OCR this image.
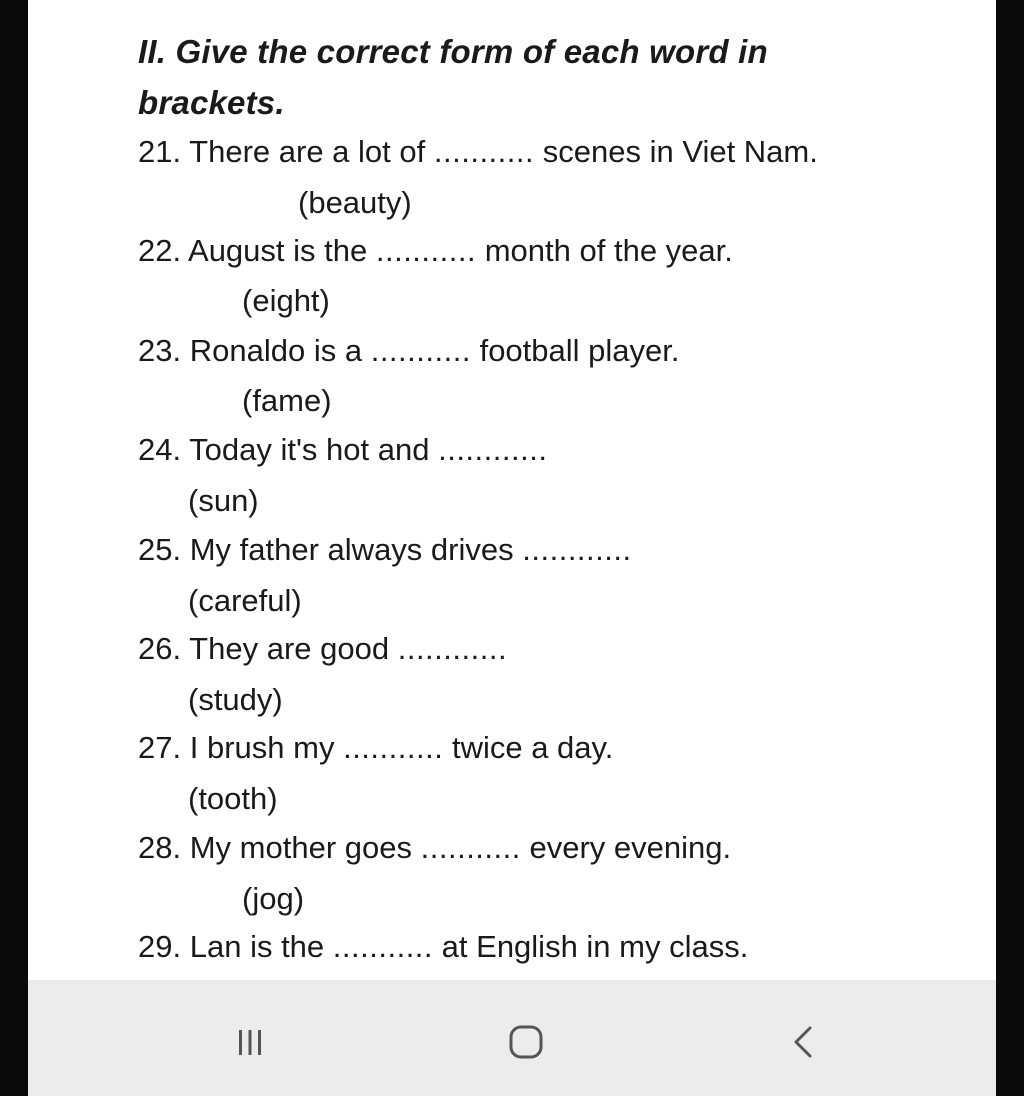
II. Give the correct form of each word in brackets.
21. There are a lot of ........... scenes in Viet Nam.
(beauty)
22. August is the ........... month of the year.
(eight)
23. Ronaldo is a ........... football player.
(fame)
24. Today it's hot and ............
(sun)
25. My father always drives ............
(careful)
26. They are good ............
(study)
27. I brush my ........... twice a day.
(tooth)
28. My mother goes ........... every evening.
(jog)
29. Lan is the ........... at English in my class.
